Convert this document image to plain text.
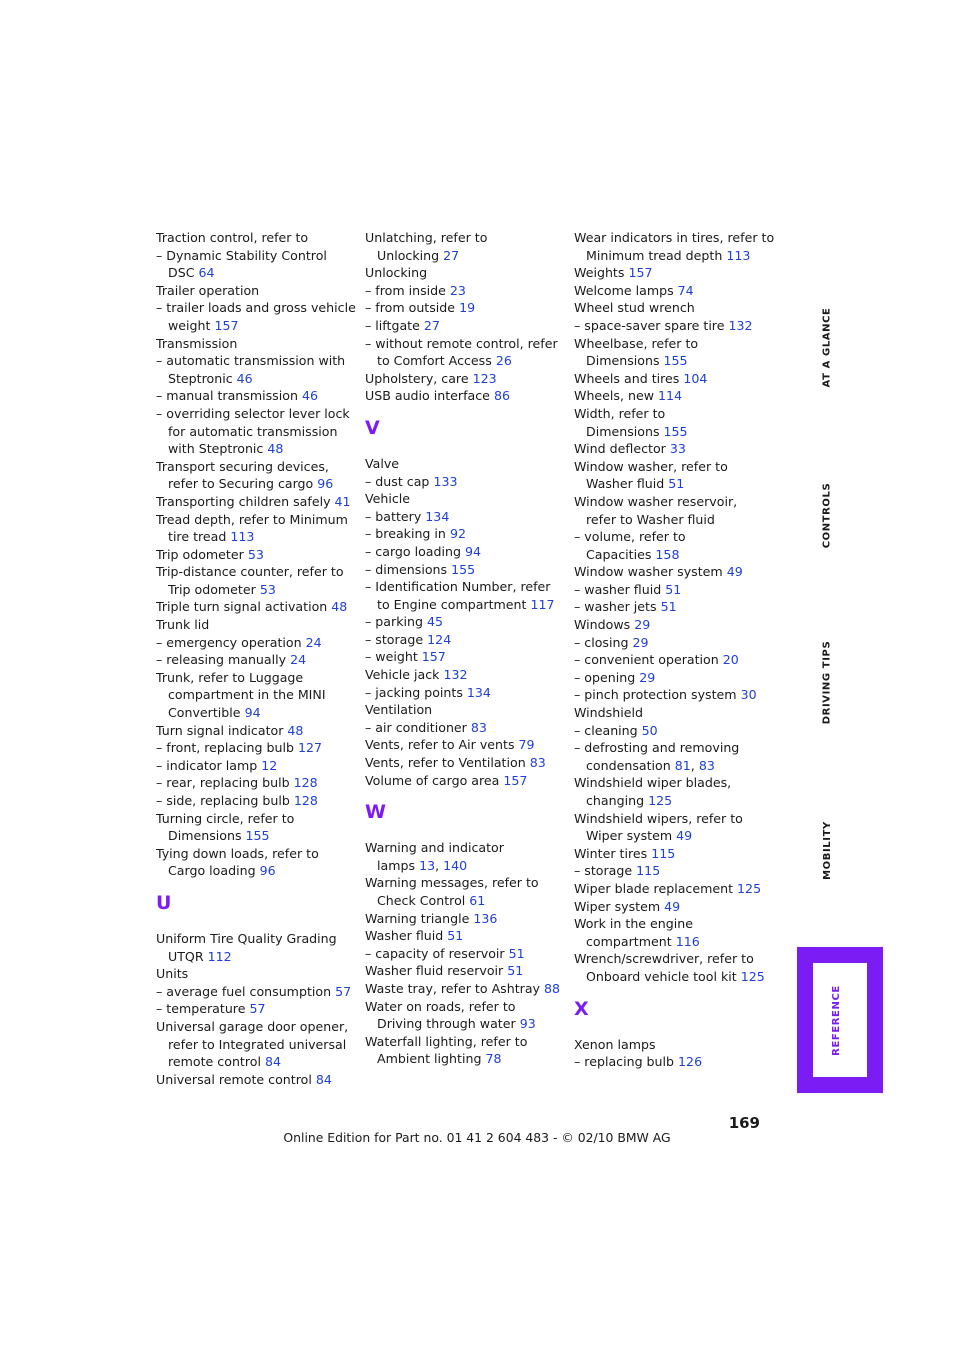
Traction control, refer to
– Dynamic Stability Control
DSC 64
Trailer operation
– trailer loads and gross vehicle
weight 157
Transmission
– automatic transmission with
Steptronic 46
– manual transmission 46
– overriding selector lever lock
for automatic transmission
with Steptronic 48
Transport securing devices,
refer to Securing cargo 96
Transporting children safely 41
Tread depth, refer to Minimum
tire tread 113
Trip odometer 53
Trip-distance counter, refer to
Trip odometer 53
Triple turn signal activation 48
Trunk lid
– emergency operation 24
– releasing manually 24
Trunk, refer to Luggage
compartment in the MINI
Convertible 94
Turn signal indicator 48
– front, replacing bulb 127
– indicator lamp 12
– rear, replacing bulb 128
– side, replacing bulb 128
Turning circle, refer to
Dimensions 155
Tying down loads, refer to
Cargo loading 96
U
Uniform Tire Quality Grading
UTQR 112
Units
– average fuel consumption 57
– temperature 57
Universal garage door opener,
refer to Integrated universal
remote control 84
Universal remote control 84
Unlatching, refer to
Unlocking 27
Unlocking
– from inside 23
– from outside 19
– liftgate 27
– without remote control, refer
to Comfort Access 26
Upholstery, care 123
USB audio interface 86
V
Valve
– dust cap 133
Vehicle
– battery 134
– breaking in 92
– cargo loading 94
– dimensions 155
– Identification Number, refer
to Engine compartment 117
– parking 45
– storage 124
– weight 157
Vehicle jack 132
– jacking points 134
Ventilation
– air conditioner 83
Vents, refer to Air vents 79
Vents, refer to Ventilation 83
Volume of cargo area 157
W
Warning and indicator
lamps 13, 140
Warning messages, refer to
Check Control 61
Warning triangle 136
Washer fluid 51
– capacity of reservoir 51
Washer fluid reservoir 51
Waste tray, refer to Ashtray 88
Water on roads, refer to
Driving through water 93
Waterfall lighting, refer to
Ambient lighting 78
Wear indicators in tires, refer to
Minimum tread depth 113
Weights 157
Welcome lamps 74
Wheel stud wrench
– space-saver spare tire 132
Wheelbase, refer to
Dimensions 155
Wheels and tires 104
Wheels, new 114
Width, refer to
Dimensions 155
Wind deflector 33
Window washer, refer to
Washer fluid 51
Window washer reservoir,
refer to Washer fluid
– volume, refer to
Capacities 158
Window washer system 49
– washer fluid 51
– washer jets 51
Windows 29
– closing 29
– convenient operation 20
– opening 29
– pinch protection system 30
Windshield
– cleaning 50
– defrosting and removing
condensation 81, 83
Windshield wiper blades,
changing 125
Windshield wipers, refer to
Wiper system 49
Winter tires 115
– storage 115
Wiper blade replacement 125
Wiper system 49
Work in the engine
compartment 116
Wrench/screwdriver, refer to
Onboard vehicle tool kit 125
X
Xenon lamps
– replacing bulb 126
AT A GLANCE
CONTROLS
DRIVING TIPS
MOBILITY
REFERENCE
169
Online Edition for Part no. 01 41 2 604 483 - © 02/10 BMW AG
